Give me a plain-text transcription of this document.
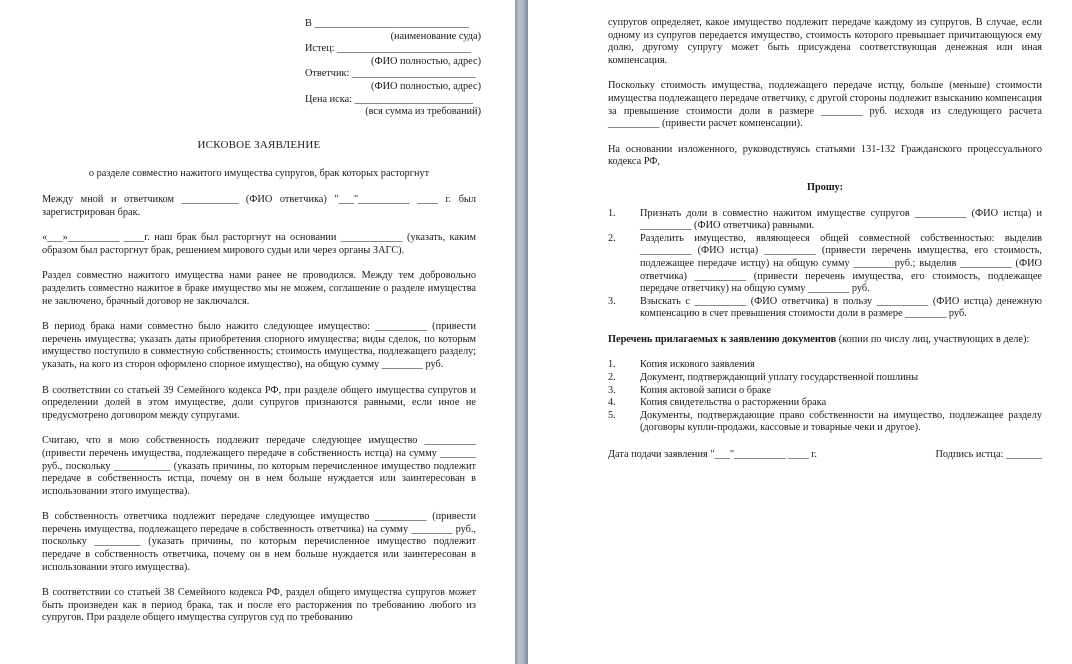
В ______________________________
(наименование суда)
Истец: __________________________
(ФИО полностью, адрес)
Ответчик: ________________________
(ФИО полностью, адрес)
Цена иска: _______________________
(вся сумма из требований)
ИСКОВОЕ ЗАЯВЛЕНИЕ
о разделе совместно нажитого имущества супругов, брак которых расторгнут

Между мной и ответчиком ___________ (ФИО ответчика) "___"__________ ____ г. был зарегистрирован брак.

«___»__________ ____г. наш брак был расторгнут на основании ____________ (указать, каким образом был расторгнут брак, решением мирового судьи или через органы ЗАГС).

Раздел совместно нажитого имущества нами ранее не проводился. Между тем добровольно разделить совместно нажитое в браке имущество мы не можем, соглашение о разделе имущества не заключено, брачный договор не заключался.

В период брака нами совместно было нажито следующее имущество: __________ (привести перечень имущества; указать даты приобретения спорного имущества; виды сделок, по которым имущество поступило в совместную собственность; стоимость имущества, подлежащего разделу; указать, на кого из сторон оформлено спорное имущество), на общую сумму ________ руб.

В соответствии со статьей 39 Семейного кодекса РФ, при разделе общего имущества супругов и определении долей в этом имуществе, доли супругов признаются равными, если иное не предусмотрено договором между супругами.

Считаю, что в мою собственность подлежит передаче следующее имущество __________ (привести перечень имущества, подлежащего передаче в собственность истца) на сумму _______ руб., поскольку ___________ (указать причины, по которым перечисленное имущество подлежит передаче в собственность истца, почему он в нем больше нуждается или заинтересован в использовании этого имущества).

В собственность ответчика подлежит передаче следующее имущество __________ (привести перечень имущества, подлежащего передаче в собственность ответчика) на сумму ________ руб., поскольку _________ (указать причины, по которым перечисленное имущество подлежит передаче в собственность ответчика, почему он в нем больше нуждается или заинтересован в использовании этого имущества).

В соответствии со статьей 38 Семейного кодекса РФ, раздел общего имущества супругов может быть произведен как в период брака, так и после его расторжения по требованию любого из супругов. При разделе общего имущества супругов суд по требованию

супругов определяет, какое имущество подлежит передаче каждому из супругов. В случае, если одному из супругов передается имущество, стоимость которого превышает причитающуюся ему долю, другому супругу может быть присуждена соответствующая денежная или иная компенсация.

Поскольку стоимость имущества, подлежащего передаче истцу, больше (меньше) стоимости имущества подлежащего передаче ответчику, с другой стороны подлежит взысканию компенсация за превышение стоимости доли в размере ________ руб. исходя из следующего расчета __________ (привести расчет компенсации).

На основании изложенного, руководствуясь статьями 131-132 Гражданского процессуального кодекса РФ,

Прошу:
1.	Признать доли в совместно нажитом имуществе супругов __________ (ФИО истца) и __________ (ФИО ответчика) равными.
2.	Разделить имущество, являющееся общей совместной собственностью: выделив __________ (ФИО истца) __________ (привести перечень имущества, его стоимость, подлежащее передаче истцу) на общую сумму ________руб.; выделив __________ (ФИО ответчика) __________ (привести перечень имущества, его стоимость, подлежащее передаче ответчику) на общую сумму ________ руб.
3.	Взыскать с __________ (ФИО ответчика) в пользу __________ (ФИО истца) денежную компенсацию в счет превышения стоимости доли в размере ________ руб.

Перечень прилагаемых к заявлению документов (копии по числу лиц, участвующих в деле):

1.	Копия искового заявления
2.	Документ, подтверждающий уплату государственной пошлины
3.	Копия актовой записи о браке
4.	Копия свидетельства о расторжении брака
5.	Документы, подтверждающие право собственности на имущество, подлежащее разделу (договоры купли-продажи, кассовые и товарные чеки и другое).
Дата подачи заявления "___"__________ ____ г.	Подпись истца: _______
